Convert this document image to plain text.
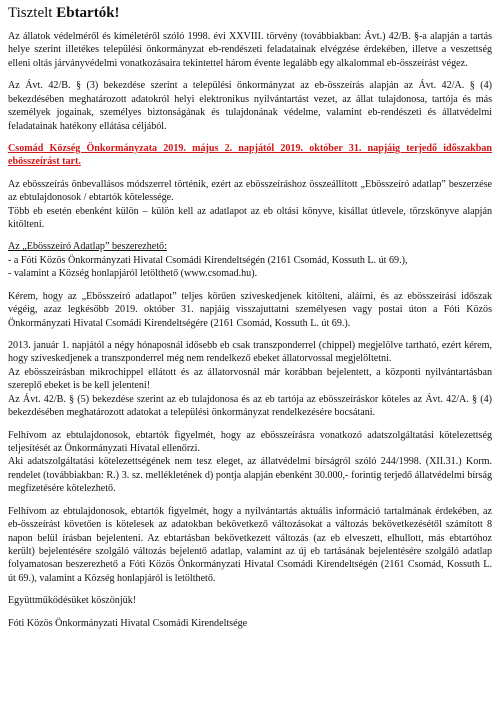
Tisztelt Ebtartók!

Az állatok védelméről és kíméletéről szóló 1998. évi XXVIII. törvény (továbbiakban: Ávt.) 42/B. §-a alapján a tartás helye szerint illetékes települési önkormányzat eb-rendészeti feladatainak elvégzése érdekében, illetve a veszettség elleni oltás járványvédelmi vonatkozásaira tekintettel három évente legalább egy alkalommal eb-összeírást végez.

Az Ávt. 42/B. § (3) bekezdése szerint a települési önkormányzat az eb-összeírás alapján az Ávt. 42/A. § (4) bekezdésében meghatározott adatokról helyi elektronikus nyilvántartást vezet, az állat tulajdonosa, tartója és más személyek jogainak, személyes biztonságának és tulajdonának védelme, valamint eb-rendészeti és állatvédelmi feladatainak hatékony ellátása céljából.

Csomád Község Önkormányzata 2019. május 2. napjától 2019. október 31. napjáig terjedő időszakban ebösszeírást tart.

Az ebösszeírás önbevallásos módszerrel történik, ezért az ebösszeíráshoz összeállított „Ebösszeíró adatlap” beszerzése az ebtulajdonosok / ebtartók kötelessége.

Több eb esetén ebenként külön – külön kell az adatlapot az eb oltási könyve, kisállat útlevele, törzskönyve alapján kitölteni.

Az „Ebösszeíró Adatlap” beszerezhető:
- a Fóti Közös Önkormányzati Hivatal Csomádi Kirendeltségén (2161 Csomád, Kossuth L. út 69.),
- valamint a Község honlapjáról letölthető (www.csomad.hu).

Kérem, hogy az „Ebösszeíró adatlapot” teljes körűen szíveskedjenek kitölteni, aláírni, és az ebösszeírási időszak végéig, azaz legkésőbb 2019. október 31. napjáig visszajuttatni személyesen vagy postai úton a Fóti Közös Önkormányzati Hivatal Csomádi Kirendeltségére (2161 Csomád, Kossuth L. út 69.).

2013. január 1. napjától a négy hónaposnál idősebb eb csak transzponderrel (chippel) megjelölve tartható, ezért kérem, hogy szíveskedjenek a transzponderrel még nem rendelkező ebeket állatorvossal megjelöltetni.

Az ebösszeírásban mikrochippel ellátott és az állatorvosnál már korábban bejelentett, a központi nyilvántartásban szereplő ebeket is be kell jelenteni!

Az Ávt. 42/B. § (5) bekezdése szerint az eb tulajdonosa és az eb tartója az ebösszeíráskor köteles az Ávt. 42/A. § (4) bekezdésében meghatározott adatokat a települési önkormányzat rendelkezésére bocsátani.

Felhívom az ebtulajdonosok, ebtartók figyelmét, hogy az ebösszeírásra vonatkozó adatszolgáltatási kötelezettség teljesítését az Önkormányzati Hivatal ellenőrzi.

Aki adatszolgáltatási kötelezettségének nem tesz eleget, az állatvédelmi bírságról szóló 244/1998. (XII.31.) Korm. rendelet (továbbiakban: R.) 3. sz. mellékletének d) pontja alapján ebenként 30.000,- forintig terjedő állatvédelmi bírság megfizetésére kötelezhető.

Felhívom az ebtulajdonosok, ebtartók figyelmét, hogy a nyilvántartás aktuális információ tartalmának érdekében, az eb-összeírást követően is kötelesek az adatokban bekövetkező változásokat a változás bekövetkezésétől számított 8 napon belül írásban bejelenteni. Az ebtartásban bekövetkezett változás (az eb elveszett, elhullott, más ebtartóhoz került) bejelentésére szolgáló változás bejelentő adatlap, valamint az új eb tartásának bejelentésére szolgáló adatlap folyamatosan beszerezhető a Fóti Közös Önkormányzati Hivatal Csomádi Kirendeltségén (2161 Csomád, Kossuth L. út 69.), valamint a Község honlapjáról is letölthető.

Együttműködésüket köszönjük!

Fóti Közös Önkormányzati Hivatal Csomádi Kirendeltsége
